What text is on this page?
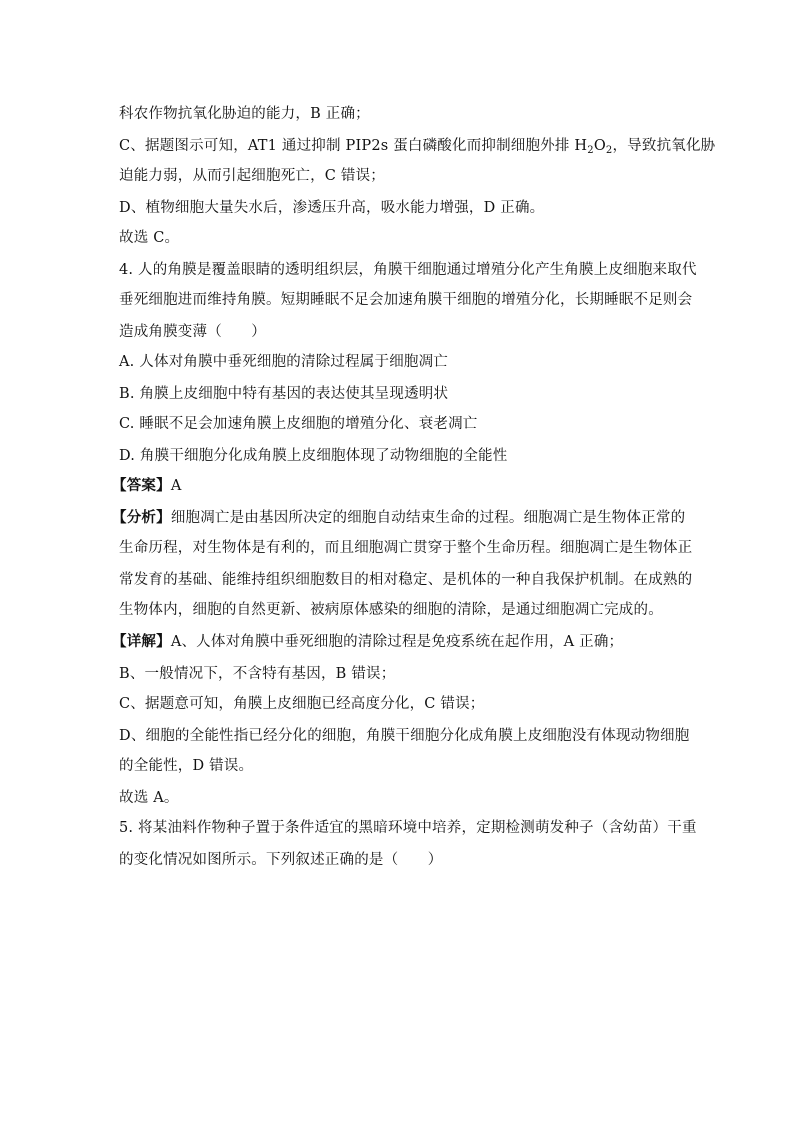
科农作物抗氧化胁迫的能力，B 正确；
C、据题图示可知，AT1 通过抑制 PIP2s 蛋白磷酸化而抑制细胞外排 $H_2O_2$，导致抗氧化胁
迫能力弱，从而引起细胞死亡，C 错误；
D、植物细胞大量失水后，渗透压升高，吸水能力增强，D 正确。
故选 C。
4. 人的角膜是覆盖眼睛的透明组织层，角膜干细胞通过增殖分化产生角膜上皮细胞来取代
垂死细胞进而维持角膜。短期睡眠不足会加速角膜干细胞的增殖分化，长期睡眠不足则会
造成角膜变薄（　　）
A. 人体对角膜中垂死细胞的清除过程属于细胞凋亡
B. 角膜上皮细胞中特有基因的表达使其呈现透明状
C. 睡眠不足会加速角膜上皮细胞的增殖分化、衰老凋亡
D. 角膜干细胞分化成角膜上皮细胞体现了动物细胞的全能性
【答案】A
【分析】细胞凋亡是由基因所决定的细胞自动结束生命的过程。细胞凋亡是生物体正常的
生命历程，对生物体是有利的，而且细胞凋亡贯穿于整个生命历程。细胞凋亡是生物体正
常发育的基础、能维持组织细胞数目的相对稳定、是机体的一种自我保护机制。在成熟的
生物体内，细胞的自然更新、被病原体感染的细胞的清除，是通过细胞凋亡完成的。
【详解】A、人体对角膜中垂死细胞的清除过程是免疫系统在起作用，A 正确；
B、一般情况下，不含特有基因，B 错误；
C、据题意可知，角膜上皮细胞已经高度分化，C 错误；
D、细胞的全能性指已经分化的细胞，角膜干细胞分化成角膜上皮细胞没有体现动物细胞
的全能性，D 错误。
故选 A。
5. 将某油料作物种子置于条件适宜的黑暗环境中培养，定期检测萌发种子（含幼苗）干重
的变化情况如图所示。下列叙述正确的是（　　）
